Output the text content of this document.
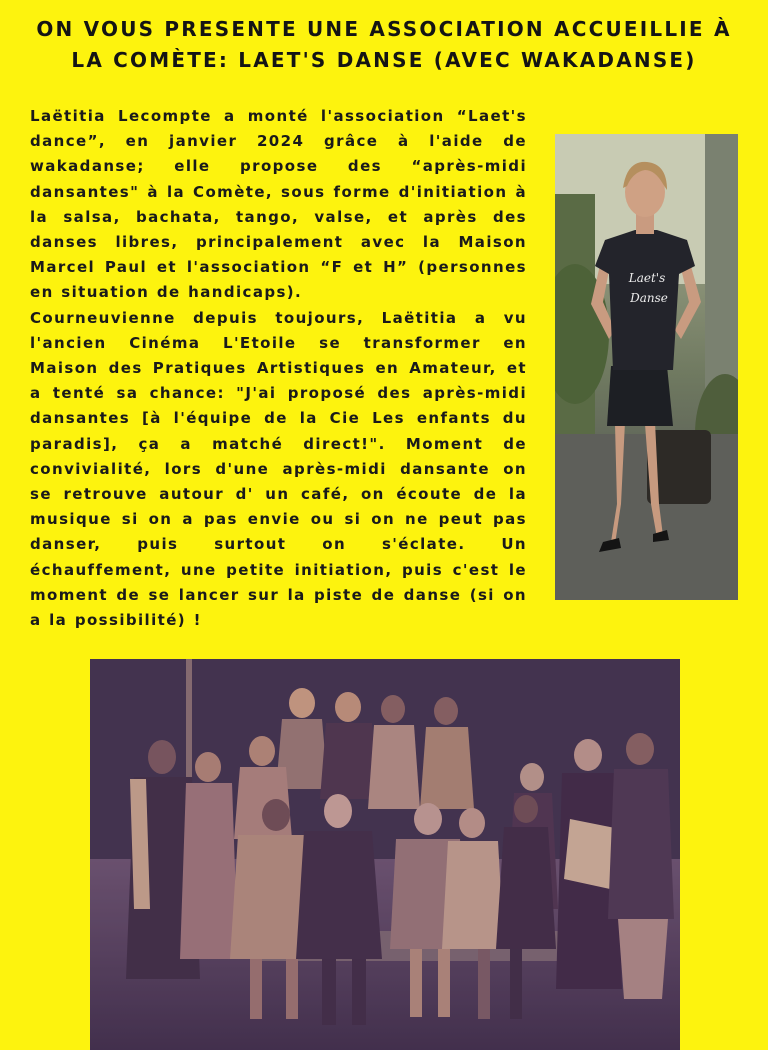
ON VOUS PRESENTE UNE ASSOCIATION ACCUEILLIE À LA COMÈTE: LAET'S DANSE (AVEC WAKADANSE)

Laëtitia Lecompte a monté l'association “Laet's dance”, en janvier 2024 grâce à l'aide de wakadanse; elle propose des “après-midi dansantes" à la Comète, sous forme d'initiation à la salsa, bachata, tango, valse, et après des danses libres, principalement avec la Maison Marcel Paul et l'association “F et H” (personnes en situation de handicaps).

Courneuvienne depuis toujours, Laëtitia a vu l'ancien Cinéma L'Etoile se transformer en Maison des Pratiques Artistiques en Amateur, et a tenté sa chance: "J'ai proposé des après-midi dansantes [à l'équipe de la Cie Les enfants du paradis], ça a matché direct!". Moment de convivialité, lors d'une après-midi dansante on se retrouve autour d' un café, on écoute de la musique si on a pas envie ou si on ne peut pas danser, puis surtout on s'éclate. Un échauffement, une petite initiation, puis c'est le moment de se lancer sur la piste de danse (si on a la possibilité) !

Laet's
Danse
